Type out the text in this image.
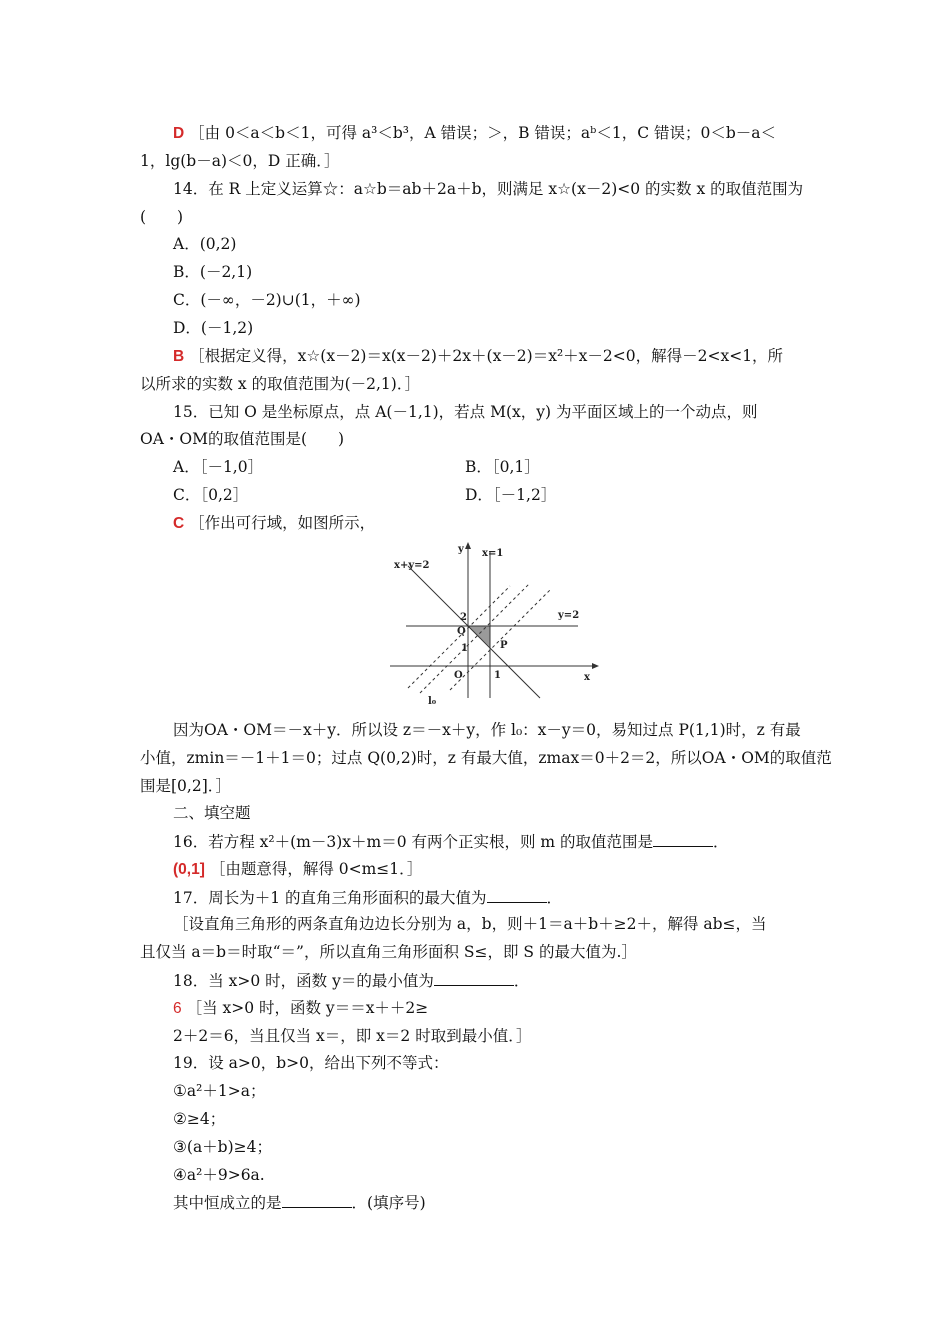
D ［由 0＜a＜b＜1，可得 a³＜b³，A 错误；＞，B 错误；aᵇ＜1，C 错误；0＜b－a＜
1，lg(b－a)＜0，D 正确．］
14．在 R 上定义运算☆：a☆b＝ab＋2a＋b，则满足 x☆(x－2)<0 的实数 x 的取值范围为
(　　)
A．(0,2)
B．(－2,1)
C．(－∞，－2)∪(1，＋∞)
D．(－1,2)
B ［根据定义得，x☆(x－2)＝x(x－2)＋2x＋(x－2)＝x²＋x－2<0，解得－2<x<1，所
以所求的实数 x 的取值范围为(－2,1)．］
15．已知 O 是坐标原点，点 A(－1,1)，若点 M(x，y) 为平面区域上的一个动点，则
OA・OM的取值范围是(　　)
A．［－1,0］	B．［0,1］
C．［0,2］	D．［－1,2］
C ［作出可行域，如图所示，
x+y=2
x=1
y=2
y
x
2
Q
1	P
O	1
l₀
因为OA・OM＝－x＋y．所以设 z＝－x＋y，作 l₀：x－y＝0，易知过点 P(1,1)时，z 有最
小值，zmin＝－1＋1＝0；过点 Q(0,2)时，z 有最大值，zmax＝0＋2＝2，所以OA・OM的取值范
围是[0,2]．］
二、填空题
16．若方程 x²＋(m－3)x＋m＝0 有两个正实根，则 m 的取值范围是	．
(0,1] ［由题意得，解得 0<m≤1．］
17．周长为＋1 的直角三角形面积的最大值为	．
［设直角三角形的两条直角边边长分别为 a，b，则＋1＝a＋b＋≥2＋，解得 ab≤，当
且仅当 a＝b＝时取“＝”，所以直角三角形面积 S≤，即 S 的最大值为.］
18．当 x>0 时，函数 y＝的最小值为	．
6 ［当 x>0 时，函数 y＝＝x＋＋2≥
2＋2＝6，当且仅当 x＝，即 x＝2 时取到最小值．］
19．设 a>0，b>0，给出下列不等式：
①a²＋1>a；
②≥4；
③(a＋b)≥4；
④a²＋9>6a.
其中恒成立的是	．(填序号)
